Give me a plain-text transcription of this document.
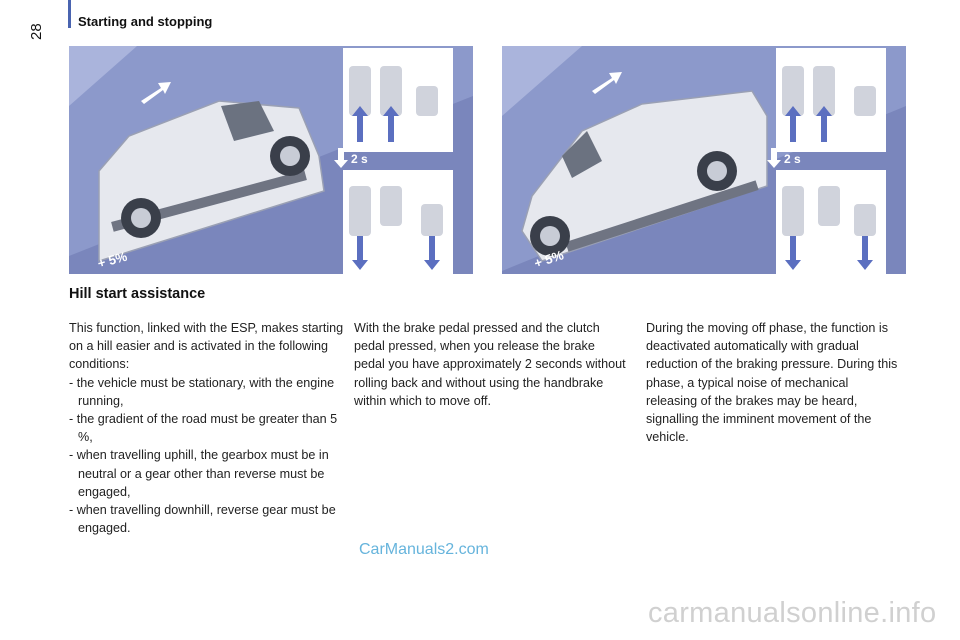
Starting and stopping
28
+ 5%
2 s
+ 5%
2 s
Hill start assistance

This function, linked with the ESP, makes starting on a hill easier and is activated in the following conditions:

- the vehicle must be stationary, with the engine running,

- the gradient of the road must be greater than 5 %,

- when travelling uphill, the gearbox must be in neutral or a gear other than reverse must be engaged,

- when travelling downhill, reverse gear must be engaged.

With the brake pedal pressed and the clutch pedal pressed, when you release the brake pedal you have approximately 2 seconds without rolling back and without using the handbrake within which to move off.

During the moving off phase, the function is deactivated automatically with gradual reduction of the braking pressure. During this phase, a typical noise of mechanical releasing of the brakes may be heard, signalling the imminent movement of the vehicle.

CarManuals2.com
carmanualsonline.info
